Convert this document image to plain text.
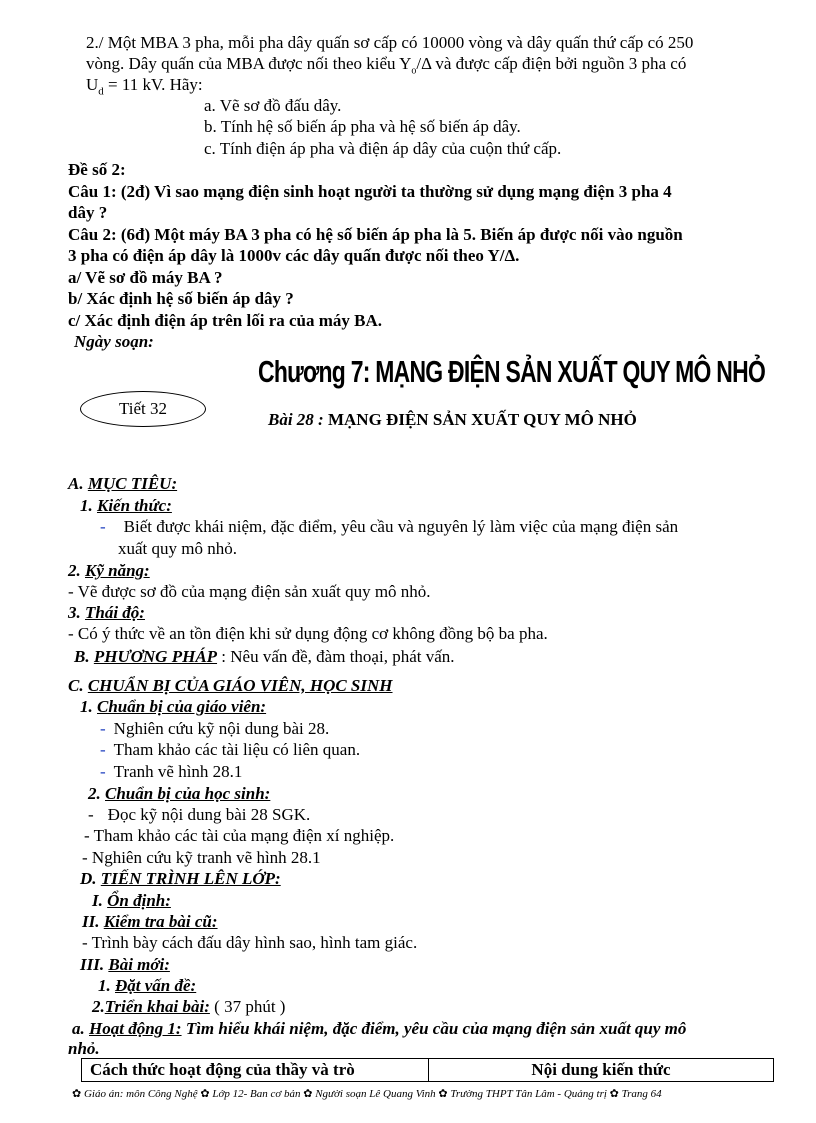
2./ Một MBA 3 pha, mỗi pha dây quấn sơ cấp có 10000 vòng và dây quấn thứ cấp có 250
vòng. Dây quấn của MBA được nối theo kiểu $Y_o/\Delta$ và được cấp điện bởi nguồn 3 pha có
$U_d = 11$ kV. Hãy:
a. Vẽ sơ đồ đấu dây.
b. Tính hệ số biến áp pha và hệ số biến áp dây.
c. Tính điện áp pha và điện áp dây của cuộn thứ cấp.
Đề số 2:
Câu 1: (2đ) Vì sao mạng điện sinh hoạt người ta thường sử dụng mạng điện 3 pha 4
dây ?
Câu 2: (6đ) Một máy BA 3 pha có hệ số biến áp pha là 5. Biến áp được nối vào nguồn
3 pha có điện áp dây là 1000v các dây quấn được nối theo Y/Δ.
a/ Vẽ sơ đồ máy BA ?
b/ Xác định hệ số biến áp dây ?
c/ Xác định điện áp trên lối ra của máy BA.
Ngày soạn:
Chương 7: MẠNG ĐIỆN SẢN XUẤT QUY MÔ NHỎ
Tiết 32
Bài 28 : MẠNG ĐIỆN SẢN XUẤT QUY MÔ NHỎ
A. MỤC TIÊU:
1. Kiến thức:
- Biết được khái niệm, đặc điểm, yêu cầu và nguyên lý làm việc của mạng điện sản
xuất quy mô nhỏ.
2. Kỹ năng:
- Vẽ được sơ đồ của mạng điện sản xuất quy mô nhỏ.
3. Thái độ:
- Có ý thức về an tồn điện khi sử dụng động cơ không đồng bộ ba pha.
B. PHƯƠNG PHÁP : Nêu vấn đề, đàm thoại, phát vấn.
C. CHUẨN BỊ CỦA GIÁO VIÊN, HỌC SINH
1. Chuẩn bị của giáo viên:
- Nghiên cứu kỹ nội dung bài 28.
- Tham khảo các tài liệu có liên quan.
- Tranh vẽ hình 28.1
2. Chuẩn bị của học sinh:
- Đọc kỹ nội dung bài 28 SGK.
- Tham khảo các tài của mạng điện xí nghiệp.
- Nghiên cứu kỹ tranh vẽ hình 28.1
D. TIẾN TRÌNH LÊN LỚP:
I. Ổn định:
II. Kiểm tra bài cũ:
- Trình bày cách đấu dây hình sao, hình tam giác.
III. Bài mới:
1. Đặt vấn đề:
2.Triển khai bài: ( 37 phút )
a. Hoạt động 1: Tìm hiểu khái niệm, đặc điểm, yêu cầu của mạng điện sản xuất quy mô
nhỏ.
Cách thức hoạt động của thầy và trò	Nội dung kiến thức
✿ Giáo án: môn Công Nghệ ✿ Lớp 12- Ban cơ bản ✿ Người soạn Lê Quang Vinh ✿ Trường THPT Tân Lâm - Quảng trị ✿ Trang 64
